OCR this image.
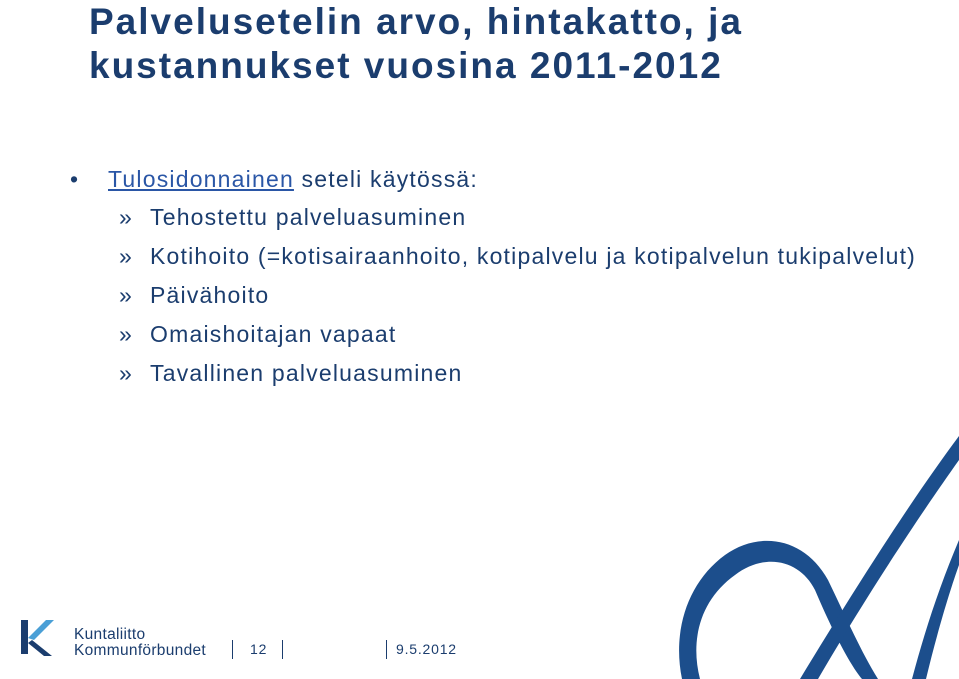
Palvelusetelin arvo, hintakatto, ja kustannukset vuosina 2011-2012
• Tulosidonnainen seteli käytössä:
» Tehostettu palveluasuminen
» Kotihoito (=kotisairaanhoito, kotipalvelu ja kotipalvelun tukipalvelut)
» Päivähoito
» Omaishoitajan vapaat
» Tavallinen palveluasuminen
Kuntaliitto
Kommunförbundet	12	9.5.2012
